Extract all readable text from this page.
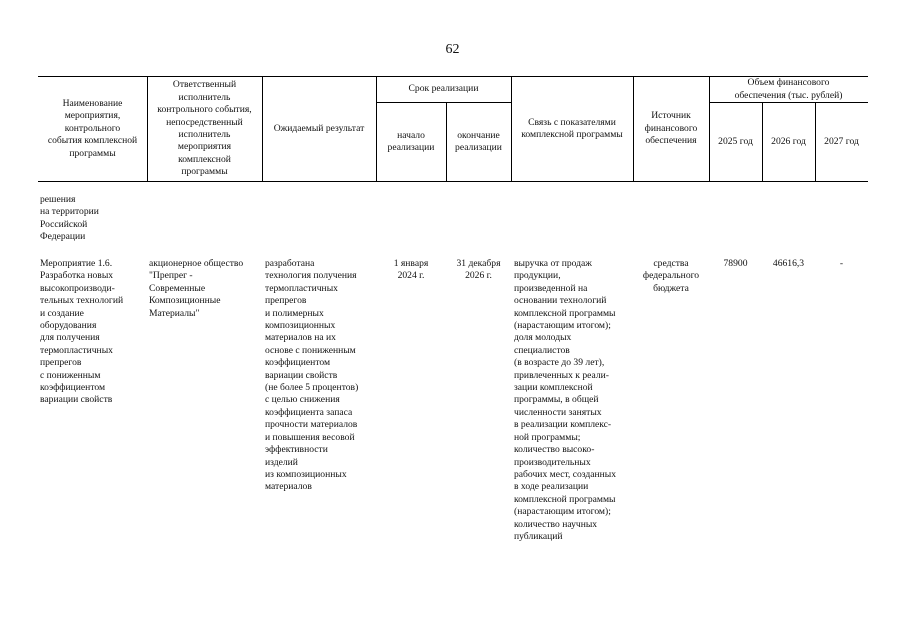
62
Наименование
мероприятия,
контрольного
события комплексной
программы
Ответственный
исполнитель
контрольного события,
непосредственный
исполнитель
мероприятия
комплексной
программы
Ожидаемый результат
Срок реализации
начало
реализации
окончание
реализации
Связь с показателями
комплексной программы
Источник
финансового
обеспечения
Объем финансового
обеспечения (тыс. рублей)
2025 год 2026 год 2027 год
решения
на территории
Российской
Федерации
Мероприятие 1.6.
Разработка новых
высокопроизводи-
тельных технологий
и создание
оборудования
для получения
термопластичных
препрегов
с пониженным
коэффициентом
вариации свойств
акционерное общество
"Препрег -
Современные
Композиционные
Материалы"
разработана
технология получения
термопластичных
препрегов
и полимерных
композиционных
материалов на их
основе с пониженным
коэффициентом
вариации свойств
(не более 5 процентов)
с целью снижения
коэффициента запаса
прочности материалов
и повышения весовой
эффективности
изделий
из композиционных
материалов
1 января
2024 г.
31 декабря
2026 г.
выручка от продаж
продукции,
произведенной на
основании технологий
комплексной программы
(нарастающим итогом);
доля молодых
специалистов
(в возрасте до 39 лет),
привлеченных к реали-
зации комплексной
программы, в общей
численности занятых
в реализации комплекс-
ной программы;
количество высоко-
производительных
рабочих мест, созданных
в ходе реализации
комплексной программы
(нарастающим итогом);
количество научных
публикаций
средства
федерального
бюджета
78900	46616,3	-
